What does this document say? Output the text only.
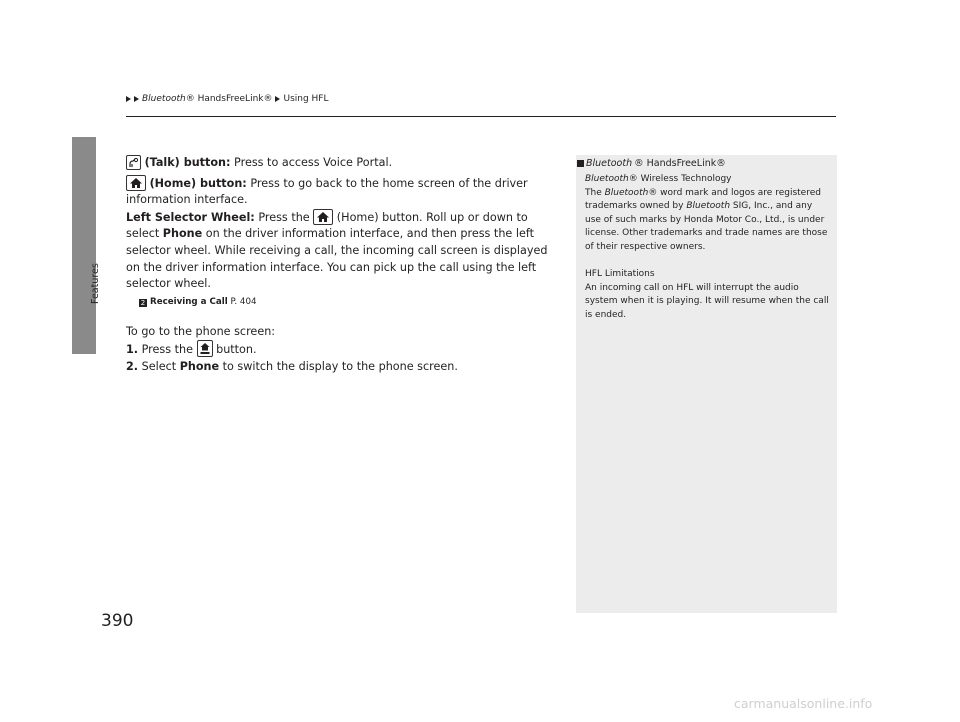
Features
390
Bluetooth® HandsFreeLink® Using HFL

(Talk) button: Press to access Voice Portal.

(Home) button: Press to go back to the home screen of the driver information interface.

Left Selector Wheel: Press the  (Home) button. Roll up or down to select Phone on the driver information interface, and then press the left selector wheel. While receiving a call, the incoming call screen is displayed on the driver information interface. You can pick up the call using the left selector wheel.

2 Receiving a Call P. 404

To go to the phone screen:

1. Press the  button.

2. Select Phone to switch the display to the phone screen.

Bluetooth ® HandsFreeLink®

Bluetooth® Wireless Technology

The Bluetooth® word mark and logos are registered trademarks owned by Bluetooth SIG, Inc., and any use of such marks by Honda Motor Co., Ltd., is under license. Other trademarks and trade names are those of their respective owners.

HFL Limitations

An incoming call on HFL will interrupt the audio system when it is playing. It will resume when the call is ended.

carmanualsonline.info
